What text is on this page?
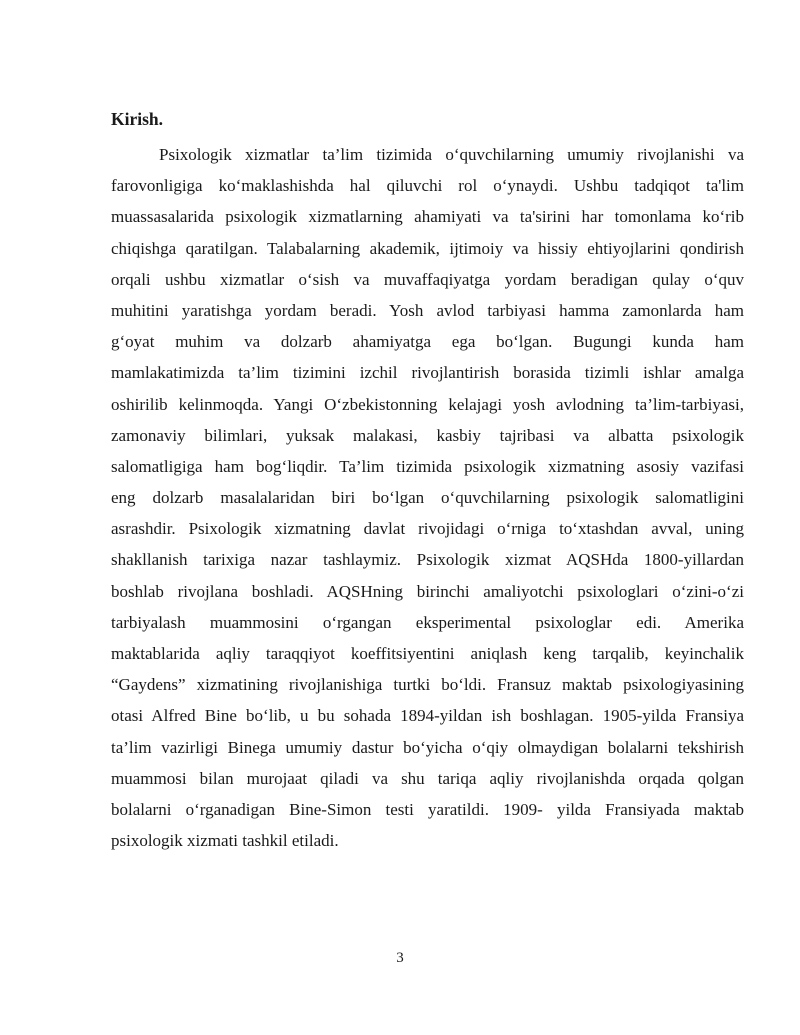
Kirish.
Psixologik xizmatlar ta’lim tizimida o‘quvchilarning umumiy rivojlanishi va
farovonligiga ko‘maklashishda hal qiluvchi rol o‘ynaydi. Ushbu tadqiqot ta'lim
muassasalarida psixologik xizmatlarning ahamiyati va ta'sirini har tomonlama ko‘rib
chiqishga qaratilgan. Talabalarning akademik, ijtimoiy va hissiy ehtiyojlarini qondirish
orqali ushbu xizmatlar o‘sish va muvaffaqiyatga yordam beradigan qulay o‘quv
muhitini yaratishga yordam beradi. Yosh avlod tarbiyasi hamma zamonlarda ham
g‘oyat muhim va dolzarb ahamiyatga ega bo‘lgan. Bugungi kunda ham
mamlakatimizda ta’lim tizimini izchil rivojlantirish borasida tizimli ishlar amalga
oshirilib kelinmoqda. Yangi O‘zbekistonning kelajagi yosh avlodning ta’lim-tarbiyasi,
zamonaviy bilimlari, yuksak malakasi, kasbiy tajribasi va albatta psixologik
salomatligiga ham bog‘liqdir. Ta’lim tizimida psixologik xizmatning asosiy vazifasi
eng dolzarb masalalaridan biri bo‘lgan o‘quvchilarning psixologik salomatligini
asrashdir. Psixologik xizmatning davlat rivojidagi o‘rniga to‘xtashdan avval, uning
shakllanish tarixiga nazar tashlaymiz. Psixologik xizmat AQSHda 1800-yillardan
boshlab rivojlana boshladi. AQSHning birinchi amaliyotchi psixologlari o‘zini-o‘zi
tarbiyalash muammosini o‘rgangan eksperimental psixologlar edi. Amerika
maktablarida aqliy taraqqiyot koeffitsiyentini aniqlash keng tarqalib, keyinchalik
“Gaydens” xizmatining rivojlanishiga turtki bo‘ldi. Fransuz maktab psixologiyasining
otasi Alfred Bine bo‘lib, u bu sohada 1894-yildan ish boshlagan. 1905-yilda Fransiya
ta’lim vazirligi Binega umumiy dastur bo‘yicha o‘qiy olmaydigan bolalarni tekshirish
muammosi bilan murojaat qiladi va shu tariqa aqliy rivojlanishda orqada qolgan
bolalarni o‘rganadigan Bine-Simon testi yaratildi. 1909- yilda Fransiyada maktab
psixologik xizmati tashkil etiladi.
3
